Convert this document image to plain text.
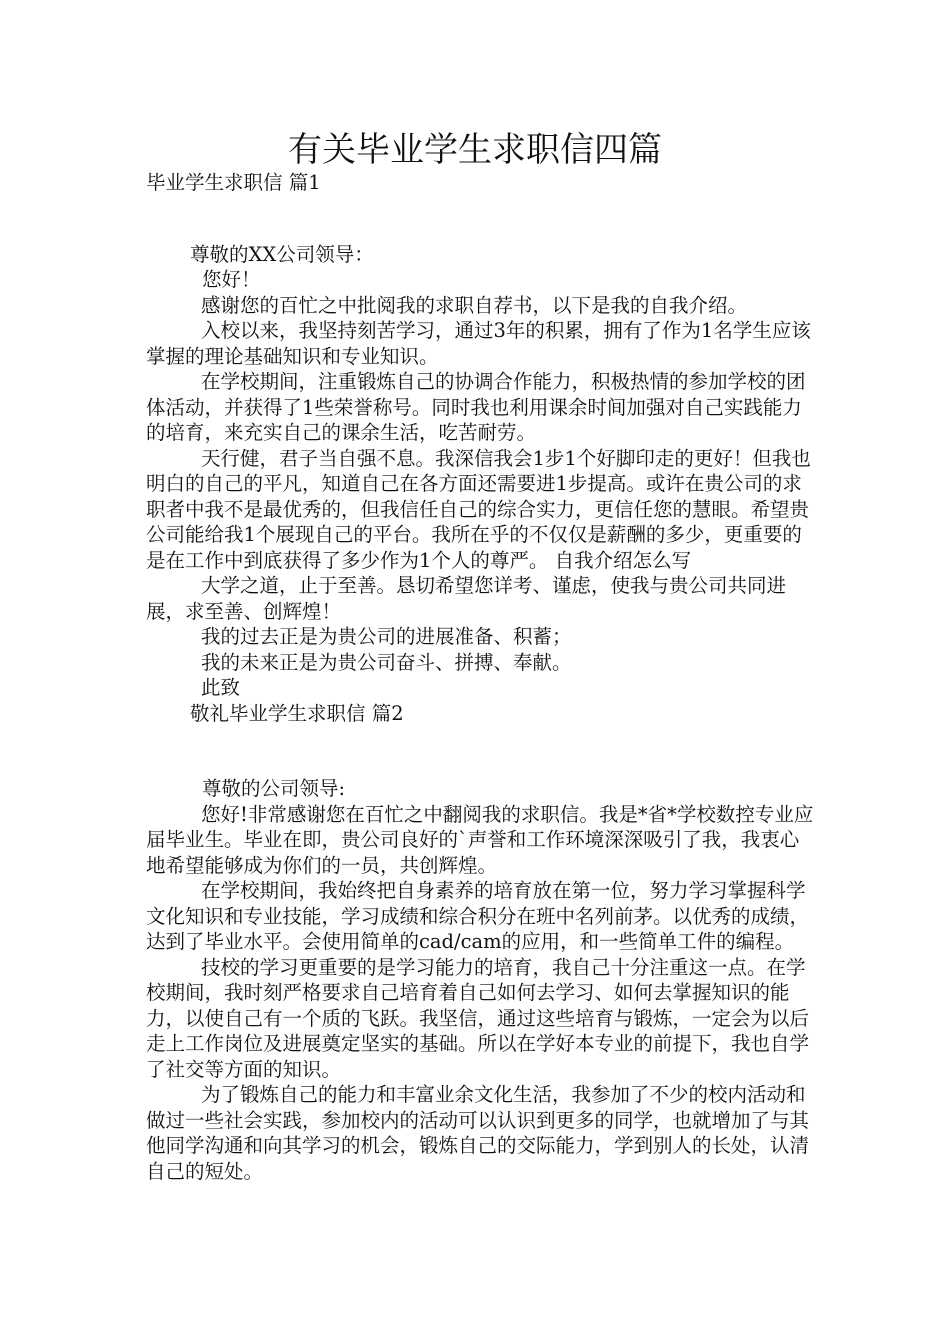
有关毕业学生求职信四篇
毕业学生求职信 篇1
尊敬的XX公司领导：
您好！

感谢您的百忙之中批阅我的求职自荐书，以下是我的自我介绍。

入校以来，我坚持刻苦学习，通过3年的积累，拥有了作为1名学生应该掌握的理论基础知识和专业知识。

在学校期间，注重锻炼自己的协调合作能力，积极热情的参加学校的团体活动，并获得了1些荣誉称号。同时我也利用课余时间加强对自己实践能力的培育，来充实自己的课余生活，吃苦耐劳。

天行健，君子当自强不息。我深信我会1步1个好脚印走的更好！但我也明白的自己的平凡，知道自己在各方面还需要进1步提高。或许在贵公司的求职者中我不是最优秀的，但我信任自己的综合实力，更信任您的慧眼。希望贵公司能给我1个展现自己的平台。我所在乎的不仅仅是薪酬的多少，更重要的是在工作中到底获得了多少作为1个人的尊严。 自我介绍怎么写

大学之道，止于至善。恳切希望您详考、谨虑，使我与贵公司共同进展，求至善、创辉煌！

我的过去正是为贵公司的进展准备、积蓄；

我的未来正是为贵公司奋斗、拼搏、奉献。

此致

敬礼毕业学生求职信 篇2
尊敬的公司领导:

您好!非常感谢您在百忙之中翻阅我的求职信。我是*省*学校数控专业应届毕业生。毕业在即，贵公司良好的`声誉和工作环境深深吸引了我，我衷心地希望能够成为你们的一员，共创辉煌。

在学校期间，我始终把自身素养的培育放在第一位，努力学习掌握科学文化知识和专业技能，学习成绩和综合积分在班中名列前茅。以优秀的成绩，达到了毕业水平。会使用简单的cad/cam的应用，和一些简单工件的编程。

技校的学习更重要的是学习能力的培育，我自己十分注重这一点。在学校期间，我时刻严格要求自己培育着自己如何去学习、如何去掌握知识的能力，以使自己有一个质的飞跃。我坚信，通过这些培育与锻炼，一定会为以后走上工作岗位及进展奠定坚实的基础。所以在学好本专业的前提下，我也自学了社交等方面的知识。

为了锻炼自己的能力和丰富业余文化生活，我参加了不少的校内活动和做过一些社会实践，参加校内的活动可以认识到更多的同学，也就增加了与其他同学沟通和向其学习的机会，锻炼自己的交际能力，学到别人的长处，认清自己的短处。
